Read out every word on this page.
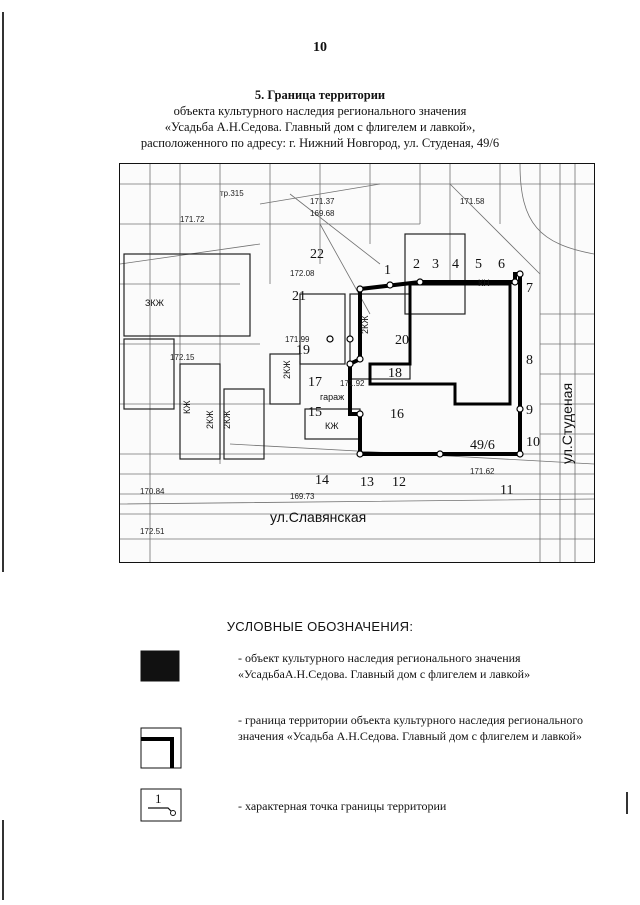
10
5. Граница территории
объекта культурного наследия регионального значения
«Усадьба А.Н.Седова. Главный дом с флигелем и лавкой»,
расположенного по адресу: г. Нижний Новгород, ул. Студеная, 49/6
ул.Славянская
ул.Студеная
49/6
ЗКЖ
2КЖ
2КЖ
2КЖ
2КЖ
КЖ
КЖ
гараж
КН
тр.315
171.37	171.58
169.68
172.08
171.92
171.62
171.99
172.15
169.73
170.84
172.51
171.72
1 2 3 4 5 6
7
8
9
10
11
12
13
14
15	16
17
18
19
20
21
22
УСЛОВНЫЕ ОБОЗНАЧЕНИЯ:
- объект культурного наследия регионального значения «УсадьбаА.Н.Седова. Главный дом с флигелем и лавкой»
- граница территории объекта культурного наследия регионального значения «Усадьба А.Н.Седова. Главный дом с флигелем и лавкой»
1	- характерная точка границы территории
